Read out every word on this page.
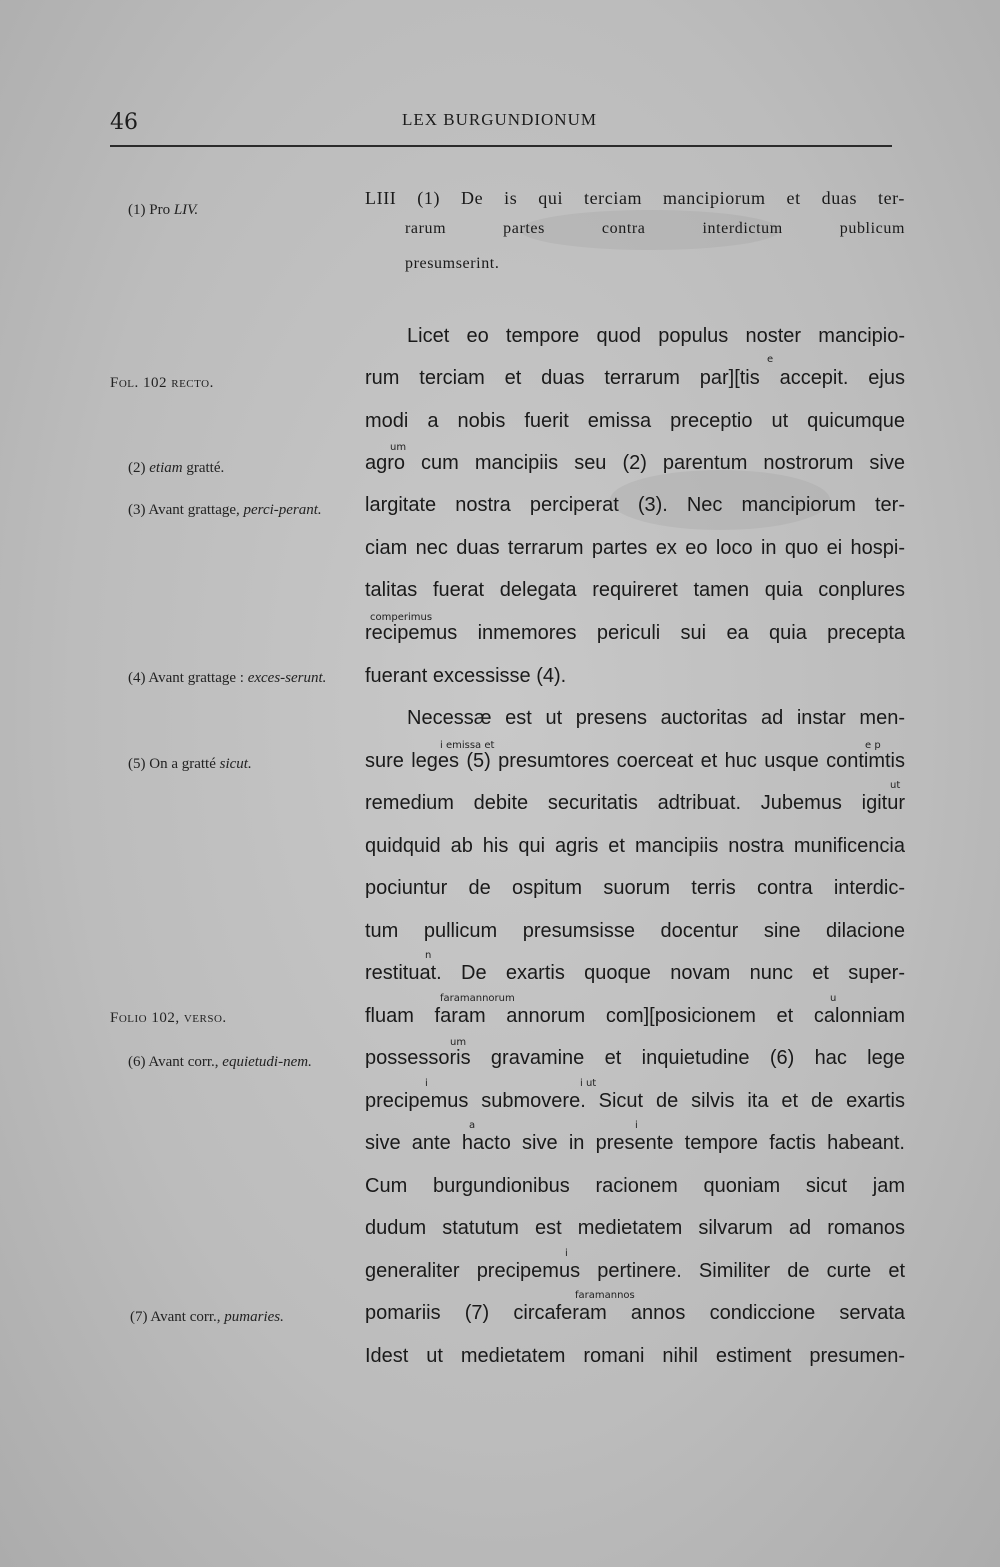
46	LEX BURGUNDIONUM
LIII (1) De is qui terciam mancipiorum et duas ter-
rarum partes contra interdictum publicum
presumserint.
Licet eo tempore quod populus noster mancipio-
rum terciam et duas terrarum par][tis accepit. ejus
modi a nobis fuerit emissa preceptio ut quicumque
agro cum mancipiis seu (2) parentum nostrorum sive
largitate nostra perciperat (3). Nec mancipiorum ter-
ciam nec duas terrarum partes ex eo loco in quo ei hospi-
talitas fuerat delegata requireret tamen quia conplures
recipemus inmemores periculi sui ea quia precepta
fuerant excessisse (4).
Necessæ est ut presens auctoritas ad instar men-
sure leges (5) presumtores coerceat et huc usque contimtis
remedium debite securitatis adtribuat. Jubemus igitur
quidquid ab his qui agris et mancipiis nostra munificencia
pociuntur de ospitum suorum terris contra interdic-
tum pullicum presumsisse docentur sine dilacione
restituat. De exartis quoque novam nunc et super-
fluam faram annorum com][posicionem et calonniam
possessoris gravamine et inquietudine (6) hac lege
precipemus submovere. Sicut de silvis ita et de exartis
sive ante hacto sive in presente tempore factis habeant.
Cum burgundionibus racionem quoniam sicut jam
dudum statutum est medietatem silvarum ad romanos
generaliter precipemus pertinere. Similiter de curte et
pomariis (7) circaferam annos condiccione servata
Idest ut medietatem romani nihil estiment presumen-
e
um
comperimus
i emissa et	e p
ut
n
faramannorum	u
um
i	i ut
a	i
i
faramannos
(1) Pro LIV.
Fol. 102 recto.
(2) etiam gratté.
(3) Avant grattage, perci-perant.
(4) Avant grattage : exces-serunt.
(5) On a gratté sicut.
Folio 102, verso.
(6) Avant corr., equietudi-nem.
(7) Avant corr., pumaries.
